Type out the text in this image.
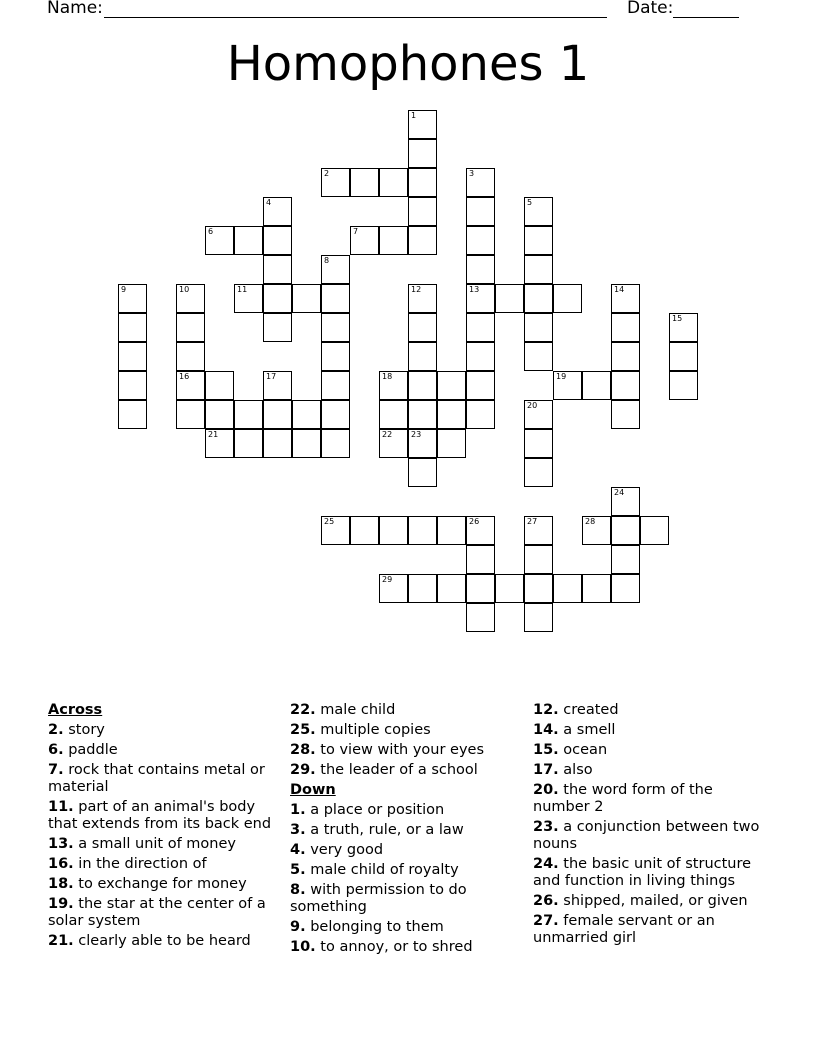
Name:	Date:
Homophones 1
1
2	3
4	5
6	7
8
9	10	11	12	13	14
15
16	17	18	19
20
21	22 23
24
25	26	27	28
29
Across
2. story
6. paddle
7. rock that contains metal or material
11. part of an animal's body that extends from its back end
13. a small unit of money
16. in the direction of
18. to exchange for money
19. the star at the center of a solar system
21. clearly able to be heard
22. male child
25. multiple copies
28. to view with your eyes
29. the leader of a school
Down
1. a place or position
3. a truth, rule, or a law
4. very good
5. male child of royalty
8. with permission to do something
9. belonging to them
10. to annoy, or to shred
12. created
14. a smell
15. ocean
17. also
20. the word form of the number 2
23. a conjunction between two nouns
24. the basic unit of structure and function in living things
26. shipped, mailed, or given
27. female servant or an unmarried girl
